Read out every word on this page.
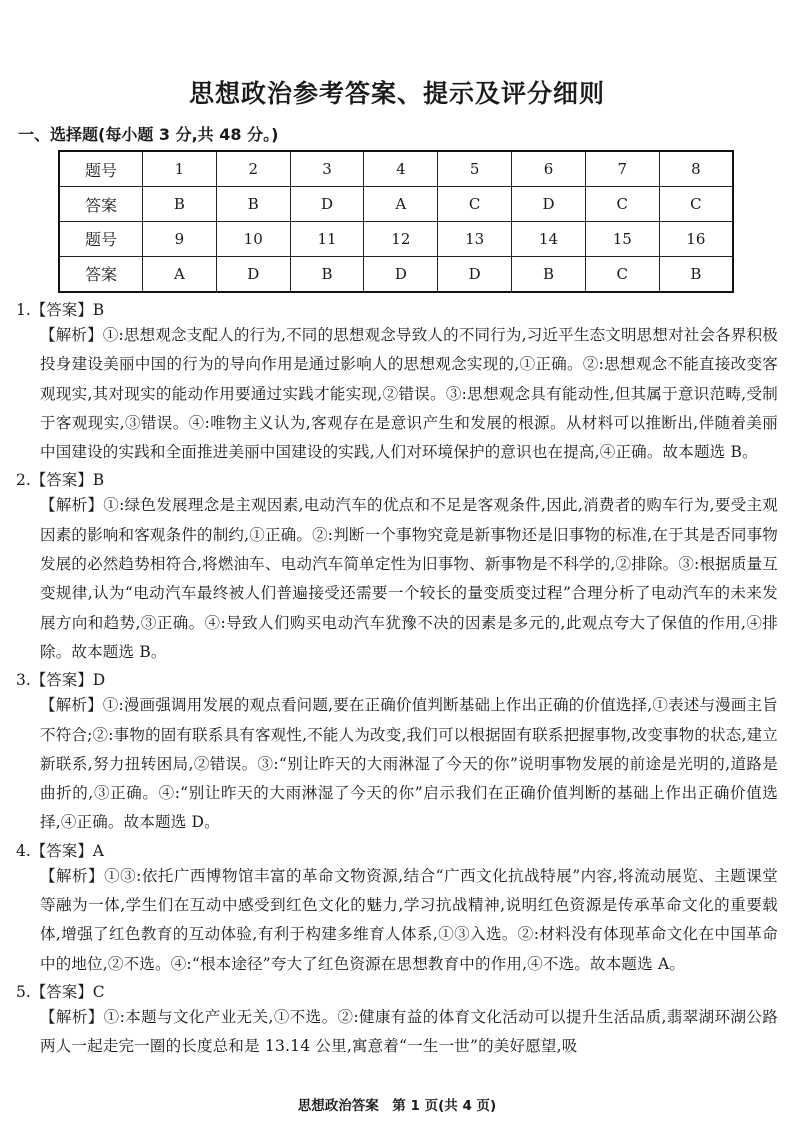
思想政治参考答案、提示及评分细则
一、选择题(每小题 3 分,共 48 分。)
题号	1	2	3	4	5	6	7	8
答案	B	B	D	A	C	D	C	C
题号	9	10	11	12	13	14	15	16
答案	A	D	B	D	D	B	C	B
1.【答案】B
【解析】①:思想观念支配人的行为,不同的思想观念导致人的不同行为,习近平生态文明思想对社会各界积极投身建设美丽中国的行为的导向作用是通过影响人的思想观念实现的,①正确。②:思想观念不能直接改变客观现实,其对现实的能动作用要通过实践才能实现,②错误。③:思想观念具有能动性,但其属于意识范畴,受制于客观现实,③错误。④:唯物主义认为,客观存在是意识产生和发展的根源。从材料可以推断出,伴随着美丽中国建设的实践和全面推进美丽中国建设的实践,人们对环境保护的意识也在提高,④正确。故本题选 B。
2.【答案】B
【解析】①:绿色发展理念是主观因素,电动汽车的优点和不足是客观条件,因此,消费者的购车行为,要受主观因素的影响和客观条件的制约,①正确。②:判断一个事物究竟是新事物还是旧事物的标准,在于其是否同事物发展的必然趋势相符合,将燃油车、电动汽车简单定性为旧事物、新事物是不科学的,②排除。③:根据质量互变规律,认为“电动汽车最终被人们普遍接受还需要一个较长的量变质变过程”合理分析了电动汽车的未来发展方向和趋势,③正确。④:导致人们购买电动汽车犹豫不决的因素是多元的,此观点夸大了保值的作用,④排除。故本题选 B。
3.【答案】D
【解析】①:漫画强调用发展的观点看问题,要在正确价值判断基础上作出正确的价值选择,①表述与漫画主旨不符合;②:事物的固有联系具有客观性,不能人为改变,我们可以根据固有联系把握事物,改变事物的状态,建立新联系,努力扭转困局,②错误。③:“别让昨天的大雨淋湿了今天的你”说明事物发展的前途是光明的,道路是曲折的,③正确。④:“别让昨天的大雨淋湿了今天的你”启示我们在正确价值判断的基础上作出正确价值选择,④正确。故本题选 D。
4.【答案】A
【解析】①③:依托广西博物馆丰富的革命文物资源,结合“广西文化抗战特展”内容,将流动展览、主题课堂等融为一体,学生们在互动中感受到红色文化的魅力,学习抗战精神,说明红色资源是传承革命文化的重要载体,增强了红色教育的互动体验,有利于构建多维育人体系,①③入选。②:材料没有体现革命文化在中国革命中的地位,②不选。④:“根本途径”夸大了红色资源在思想教育中的作用,④不选。故本题选 A。
5.【答案】C
【解析】①:本题与文化产业无关,①不选。②:健康有益的体育文化活动可以提升生活品质,翡翠湖环湖公路两人一起走完一圈的长度总和是 13.14 公里,寓意着“一生一世”的美好愿望,吸
思想政治答案　第 1 页(共 4 页)
